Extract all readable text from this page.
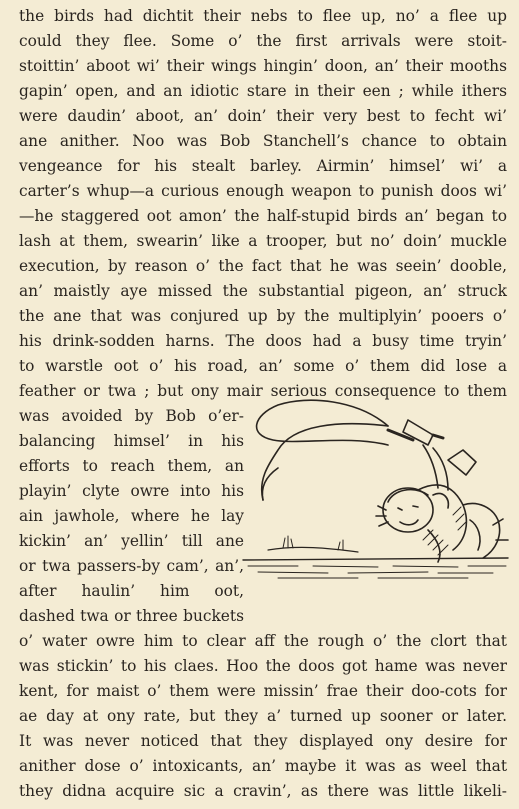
the birds had dichtit their nebs to flee up, no’ a flee up
could they flee. Some o’ the first arrivals were stoit-
stoittin’ aboot wi’ their wings hingin’ doon, an’ their mooths
gapin’ open, and an idiotic stare in their een ; while ithers
were daudin’ aboot, an’ doin’ their very best to fecht wi’
ane anither. Noo was Bob Stanchell’s chance to obtain
vengeance for his stealt barley. Airmin’ himsel’ wi’ a
carter’s whup—a curious enough weapon to punish doos wi’
—he staggered oot amon’ the half-stupid birds an’ began to
lash at them, swearin’ like a trooper, but no’ doin’ muckle
execution, by reason o’ the fact that he was seein’ dooble,
an’ maistly aye missed the substantial pigeon, an’ struck
the ane that was conjured up by the multiplyin’ pooers o’
his drink-sodden harns. The doos had a busy time tryin’
to warstle oot o’ his road, an’ some o’ them did lose a
feather or twa ; but ony mair serious consequence to them
was avoided by Bob o’er-
balancing himsel’ in his
efforts to reach them, an
playin’ clyte owre into his
ain jawhole, where he lay
kickin’ an’ yellin’ till ane
or twa passers-by cam’, an’,
after haulin’ him oot,
dashed twa or three buckets
o’ water owre him to clear aff the rough o’ the clort that
was stickin’ to his claes. Hoo the doos got hame was never
kent, for maist o’ them were missin’ frae their doo-cots for
ae day at ony rate, but they a’ turned up sooner or later.
It was never noticed that they displayed ony desire for
anither dose o’ intoxicants, an’ maybe it was as weel that
they didna acquire sic a cravin’, as there was little likeli-
